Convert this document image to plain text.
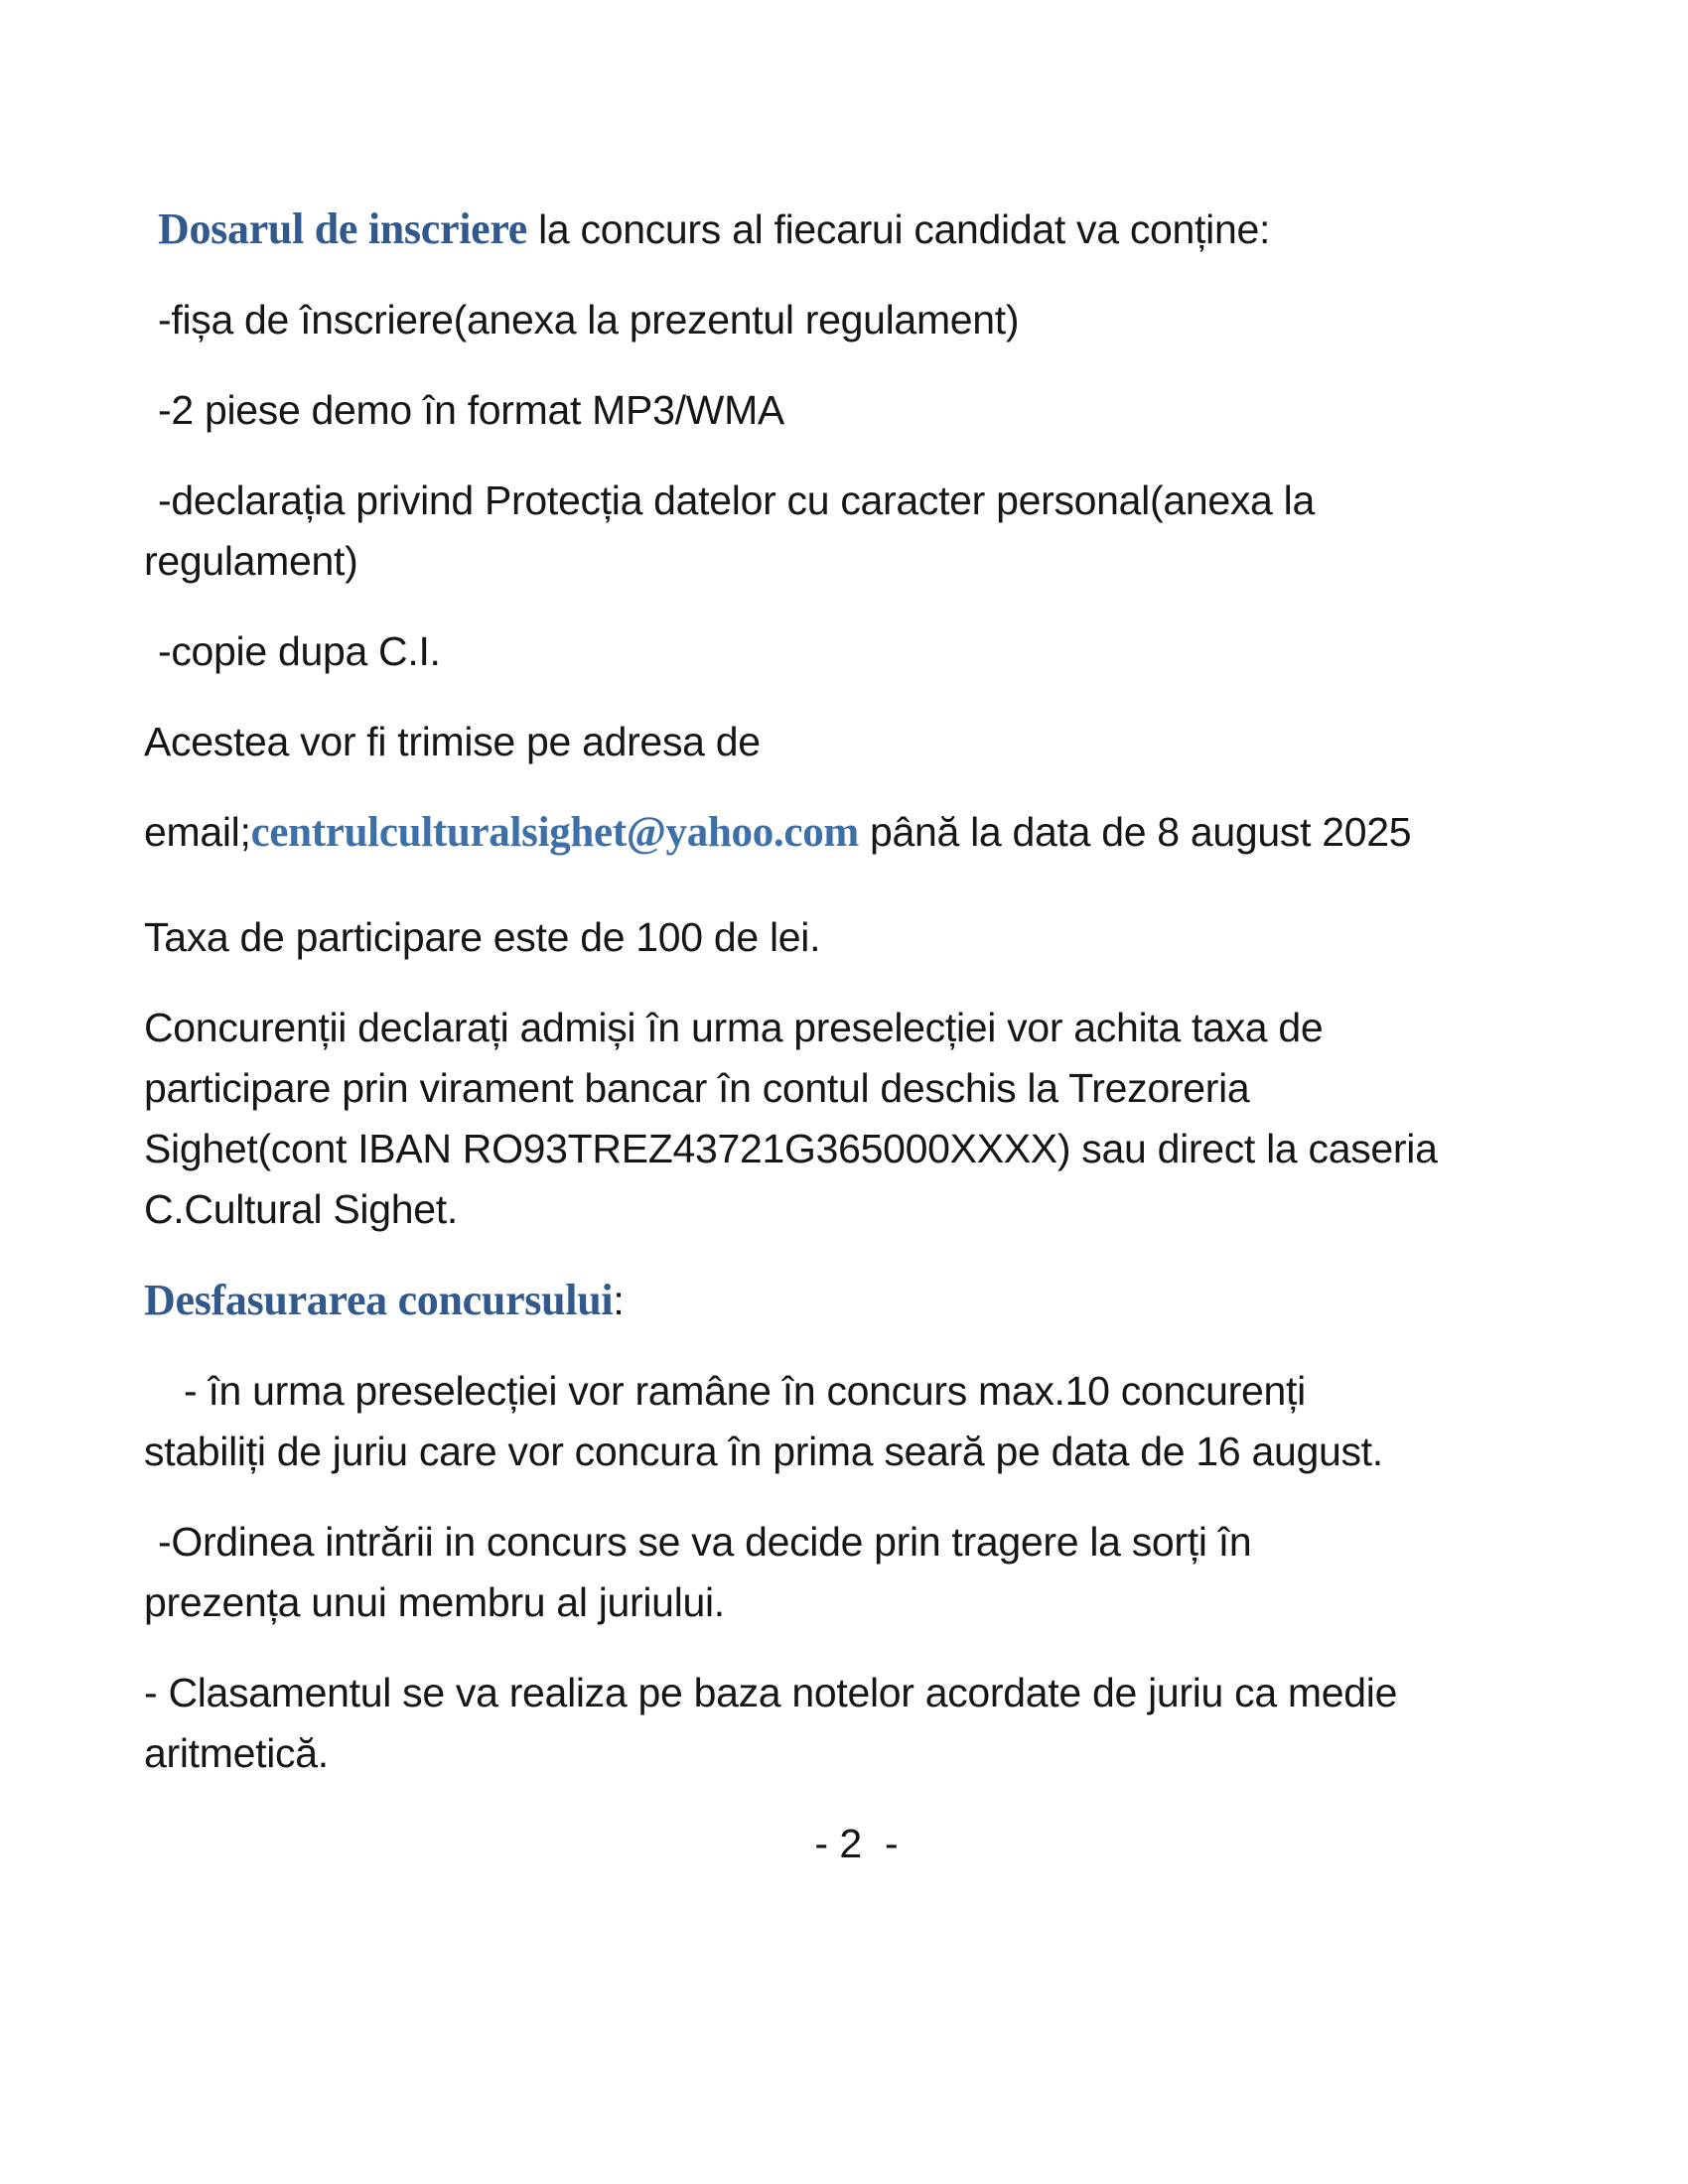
Dosarul de inscriere la concurs al fiecarui candidat va conține:

-fișa de înscriere(anexa la prezentul regulament)

-2 piese demo în format MP3/WMA

-declarația privind Protecția datelor cu caracter personal(anexa la
regulament)

-copie dupa C.I.

Acestea vor fi trimise pe adresa de

email;centrulculturalsighet@yahoo.com până la data de 8 august 2025

Taxa de participare este de 100 de lei.

Concurenții declarați admiși în urma preselecției vor achita taxa de
participare prin virament bancar în contul deschis la Trezoreria
Sighet(cont IBAN RO93TREZ43721G365000XXXX) sau direct la caseria
C.Cultural Sighet.

Desfasurarea concursului:

- în urma preselecției vor ramâne în concurs max.10 concurenți
stabiliți de juriu care vor concura în prima seară pe data de 16 august.

-Ordinea intrării in concurs se va decide prin tragere la sorți în
prezența unui membru al juriului.

- Clasamentul se va realiza pe baza notelor acordate de juriu ca medie
aritmetică.

- 2  -
